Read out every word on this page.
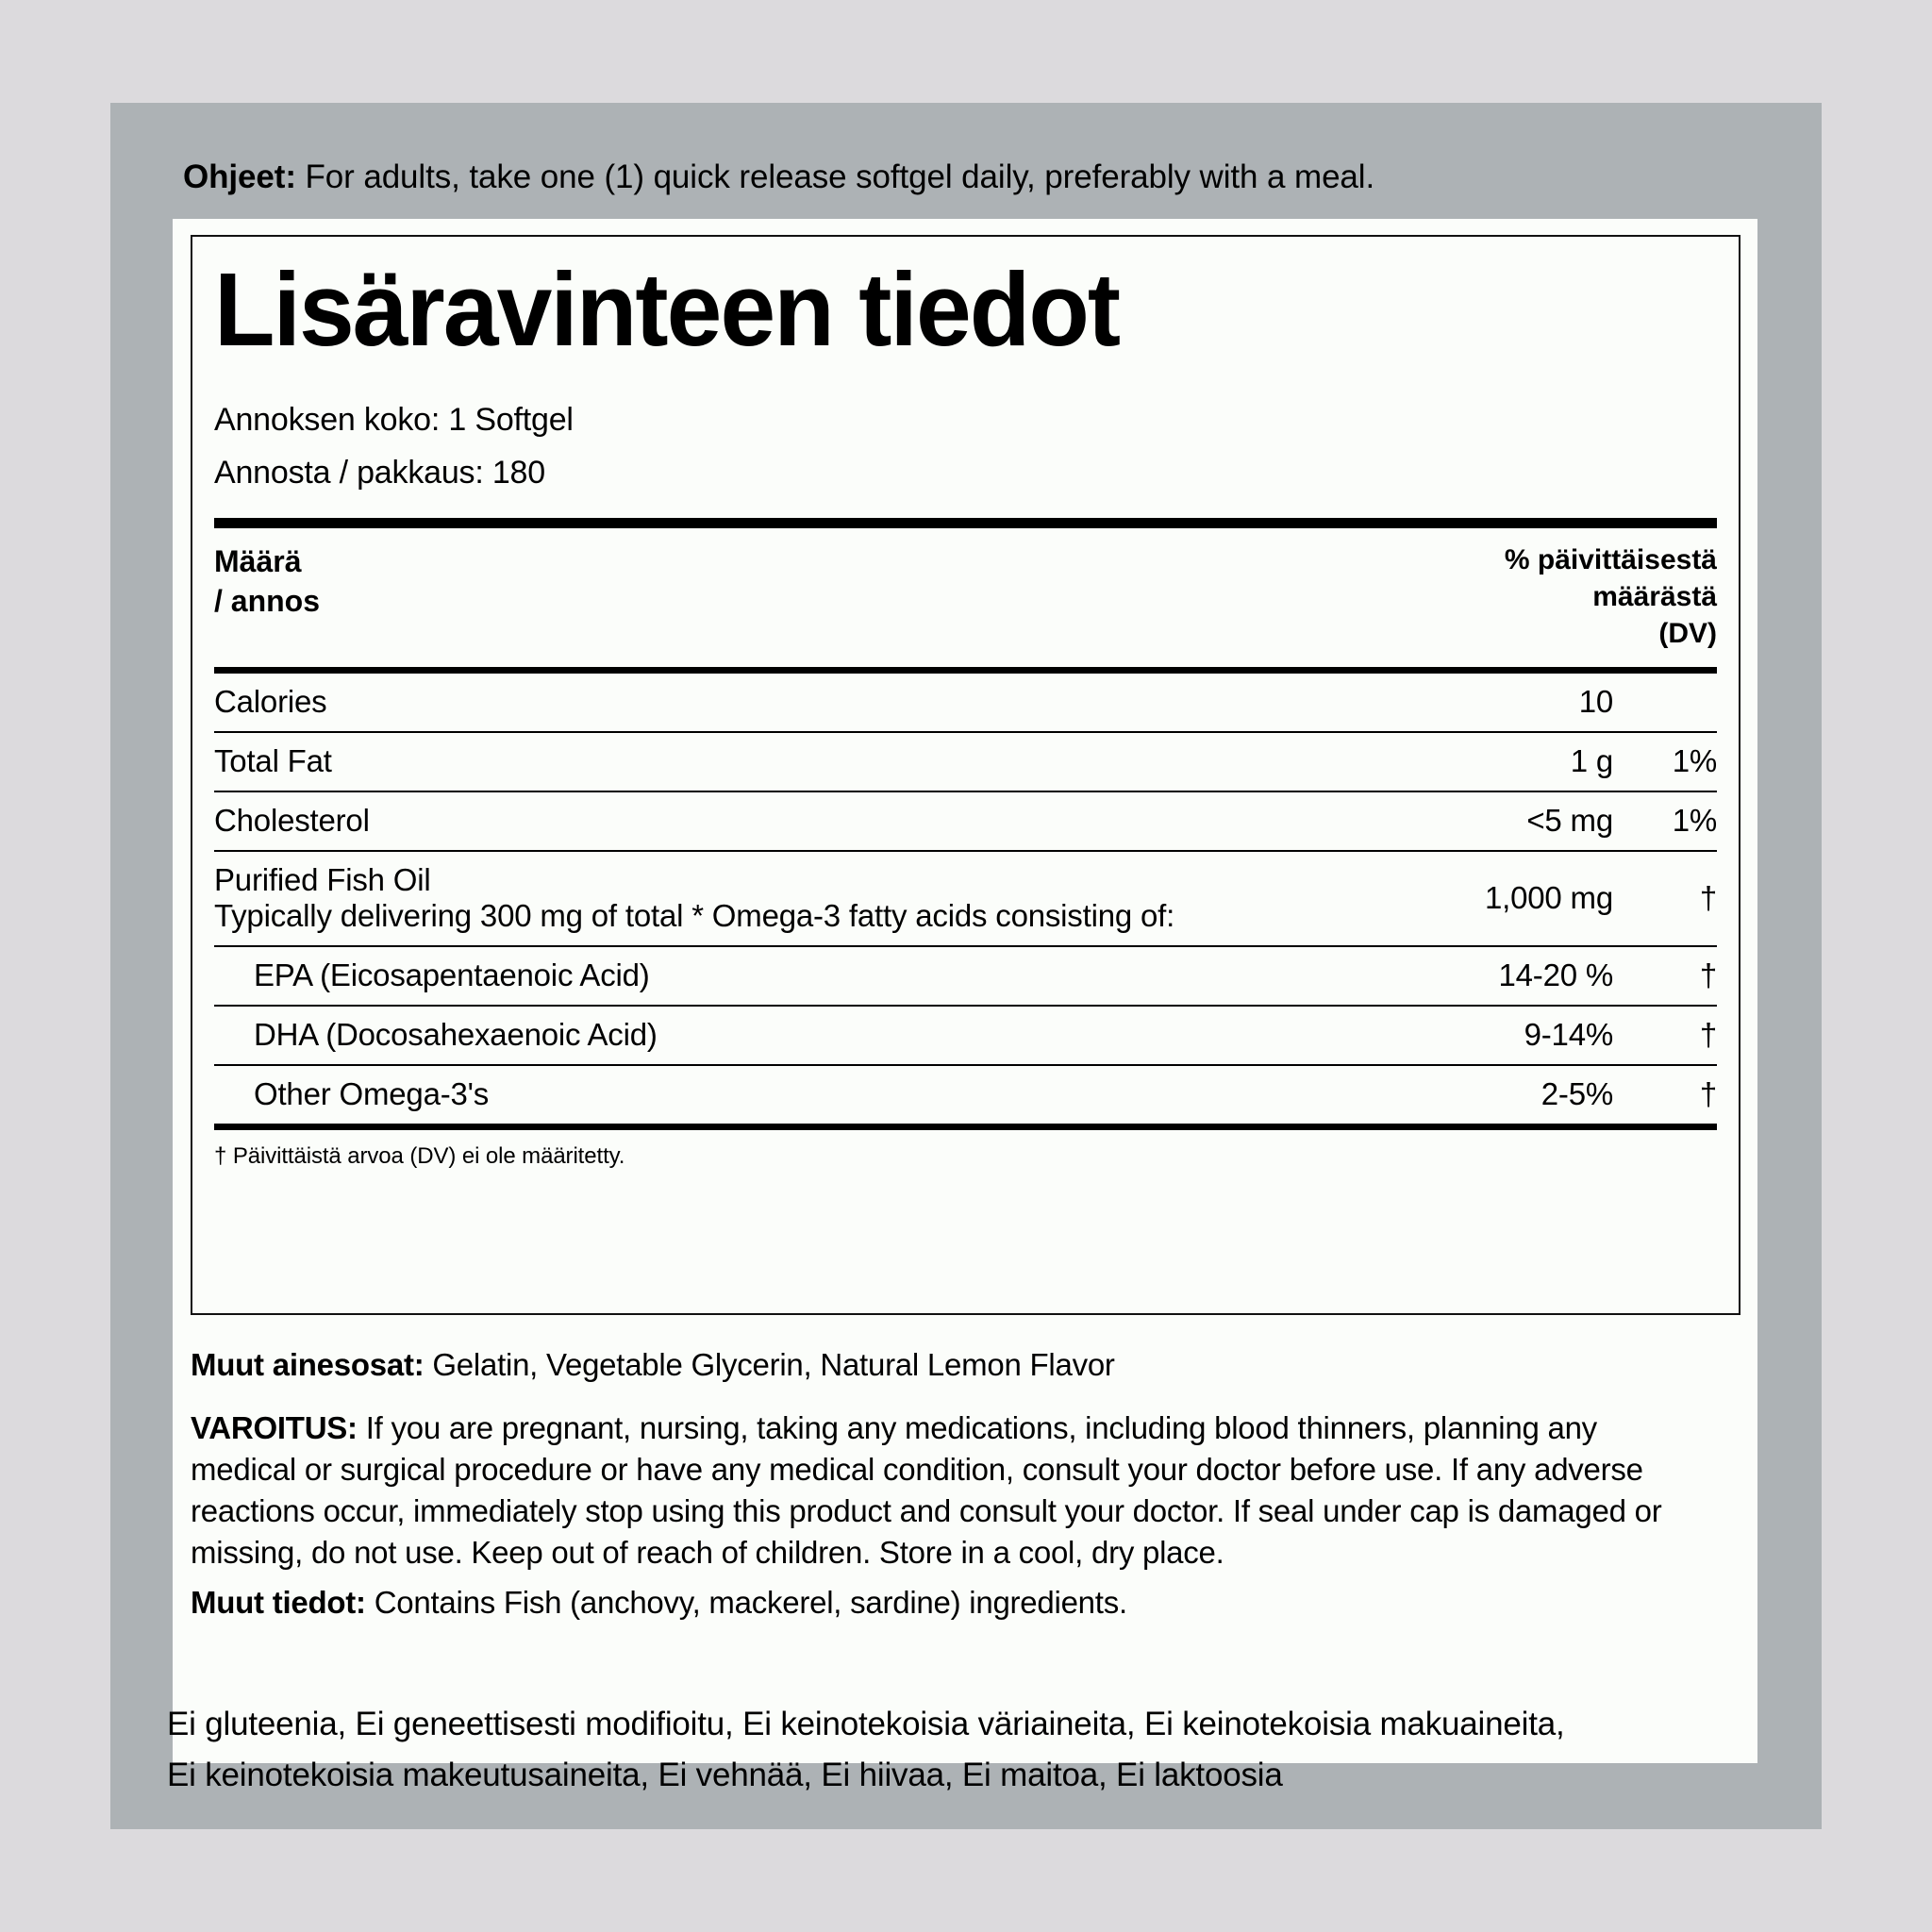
Ohjeet: For adults, take one (1) quick release softgel daily, preferably with a meal.
Lisäravinteen tiedot
Annoksen koko: 1 Softgel
Annosta / pakkaus: 180
Määrä
/ annos
% päivittäisestä
määrästä
(DV)
Calories	10	
Total Fat	1 g	1%
Cholesterol	<5 mg	1%
Purified Fish Oil
Typically delivering 300 mg of total * Omega-3 fatty acids consisting of:	1,000 mg	†
EPA (Eicosapentaenoic Acid)	14-20 %	†
DHA (Docosahexaenoic Acid)	9-14%	†
Other Omega-3's	2-5%	†
† Päivittäistä arvoa (DV) ei ole määritetty.
Muut ainesosat: Gelatin, Vegetable Glycerin, Natural Lemon Flavor
VAROITUS: If you are pregnant, nursing, taking any medications, including blood thinners, planning any medical or surgical procedure or have any medical condition, consult your doctor before use. If any adverse reactions occur, immediately stop using this product and consult your doctor. If seal under cap is damaged or missing, do not use. Keep out of reach of children. Store in a cool, dry place.
Muut tiedot: Contains Fish (anchovy, mackerel, sardine) ingredients.
Ei gluteenia, Ei geneettisesti modifioitu, Ei keinotekoisia väriaineita, Ei keinotekoisia makuaineita,
Ei keinotekoisia makeutusaineita, Ei vehnää, Ei hiivaa, Ei maitoa, Ei laktoosia
